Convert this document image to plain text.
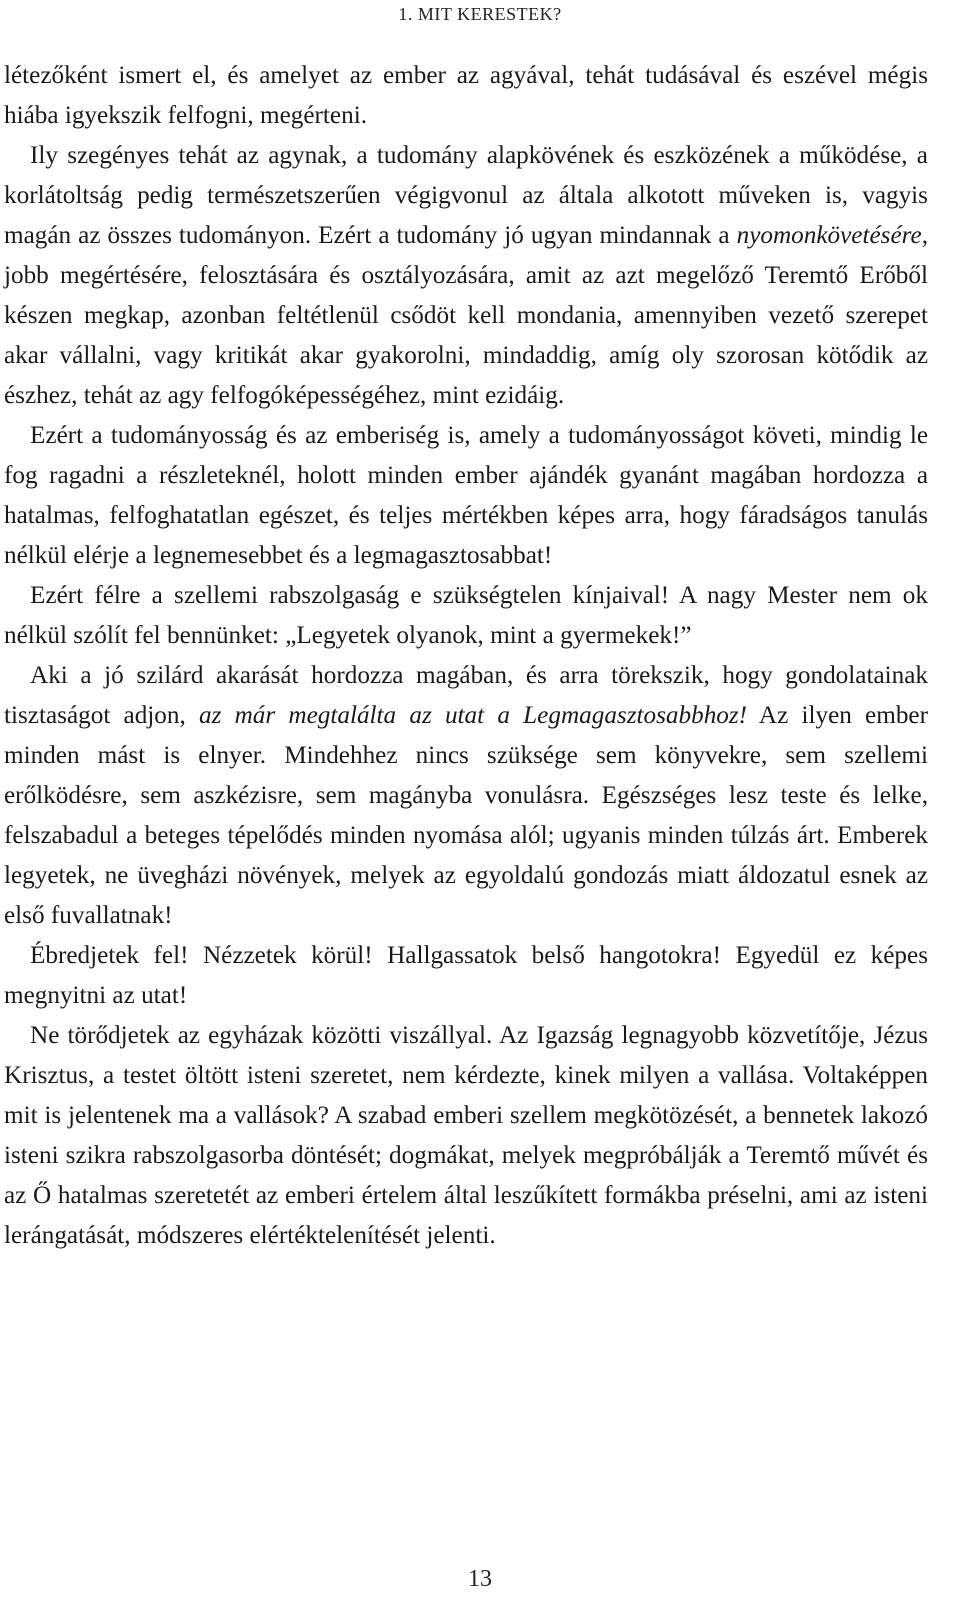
1. MIT KERESTEK?

létezőként ismert el, és amelyet az ember az agyával, tehát tudásával és eszével mégis hiába igyekszik felfogni, megérteni.

Ily szegényes tehát az agynak, a tudomány alapkövének és eszközének a működése, a korlátoltság pedig természetszerűen végigvonul az általa alkotott műveken is, vagyis magán az összes tudományon. Ezért a tudomány jó ugyan mindannak a nyomonkövetésére, jobb megértésére, felosztására és osztályozására, amit az azt megelőző Teremtő Erőből készen megkap, azonban feltétlenül csődöt kell mondania, amennyiben vezető szerepet akar vállalni, vagy kritikát akar gyakorolni, mindaddig, amíg oly szorosan kötődik az észhez, tehát az agy felfogóképességéhez, mint ezidáig.

Ezért a tudományosság és az emberiség is, amely a tudományosságot követi, mindig le fog ragadni a részleteknél, holott minden ember ajándék gyanánt magában hordozza a hatalmas, felfoghatatlan egészet, és teljes mértékben képes arra, hogy fáradságos tanulás nélkül elérje a legnemesebbet és a legmagasztosabbat!

Ezért félre a szellemi rabszolgaság e szükségtelen kínjaival! A nagy Mester nem ok nélkül szólít fel bennünket: „Legyetek olyanok, mint a gyermekek!”

Aki a jó szilárd akarását hordozza magában, és arra törekszik, hogy gondolatainak tisztaságot adjon, az már megtalálta az utat a Legmagasztosabbhoz! Az ilyen ember minden mást is elnyer. Mindehhez nincs szüksége sem könyvekre, sem szellemi erőlködésre, sem aszkézisre, sem magányba vonulásra. Egészséges lesz teste és lelke, felszabadul a beteges tépelődés minden nyomása alól; ugyanis minden túlzás árt. Emberek legyetek, ne üvegházi növények, melyek az egyoldalú gondozás miatt áldozatul esnek az első fuvallatnak!

Ébredjetek fel! Nézzetek körül! Hallgassatok belső hangotokra! Egyedül ez képes megnyitni az utat!

Ne törődjetek az egyházak közötti viszállyal. Az Igazság legnagyobb közvetítője, Jézus Krisztus, a testet öltött isteni szeretet, nem kérdezte, kinek milyen a vallása. Voltaképpen mit is jelentenek ma a vallások? A szabad emberi szellem megkötözését, a bennetek lakozó isteni szikra rabszolgasorba döntését; dogmákat, melyek megpróbálják a Teremtő művét és az Ő hatalmas szeretetét az emberi értelem által leszűkített formákba préselni, ami az isteni lerángatását, módszeres elértéktelenítését jelenti.

13
